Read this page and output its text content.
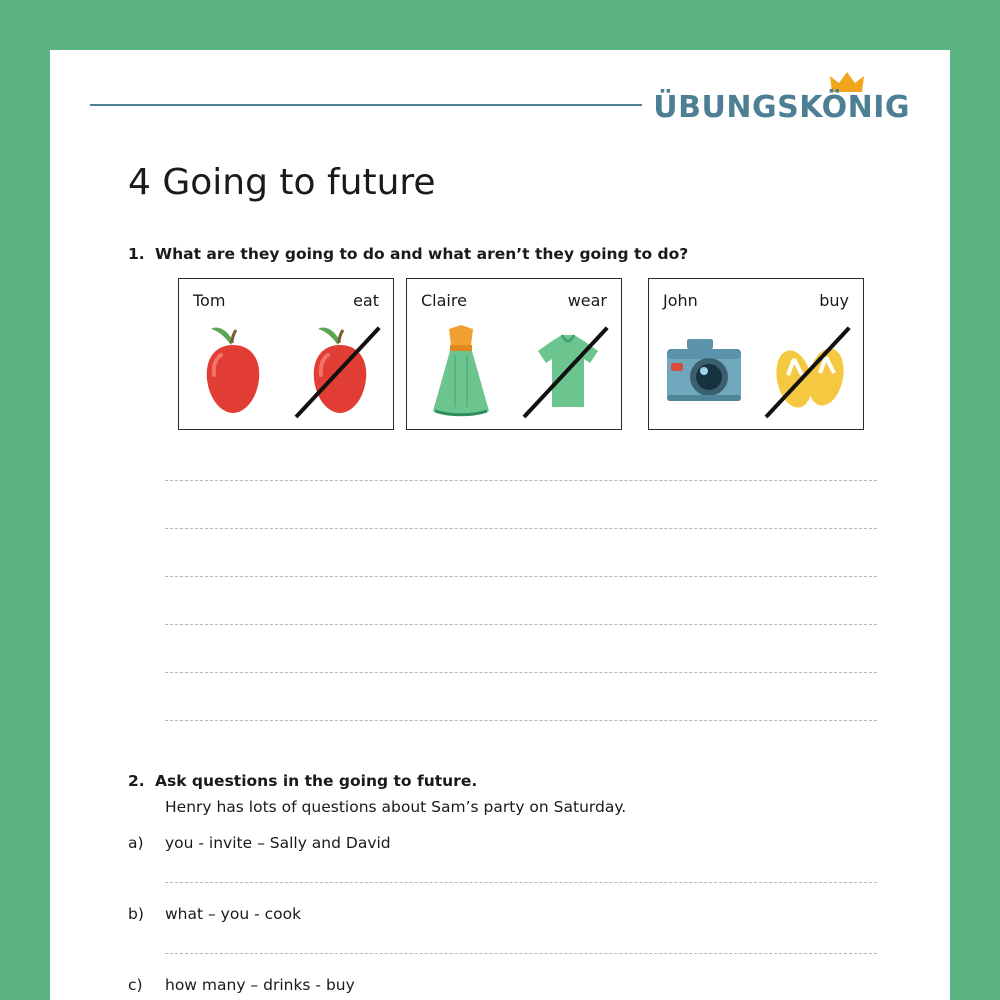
ÜBUNGSKÖNIG
4 Going to future
1. What are they going to do and what aren’t they going to do?
Tom	eat	Claire	wear	John	buy
2. Ask questions in the going to future.
Henry has lots of questions about Sam’s party on Saturday.
a) you - invite – Sally and David
b) what – you - cook
c) how many – drinks - buy
